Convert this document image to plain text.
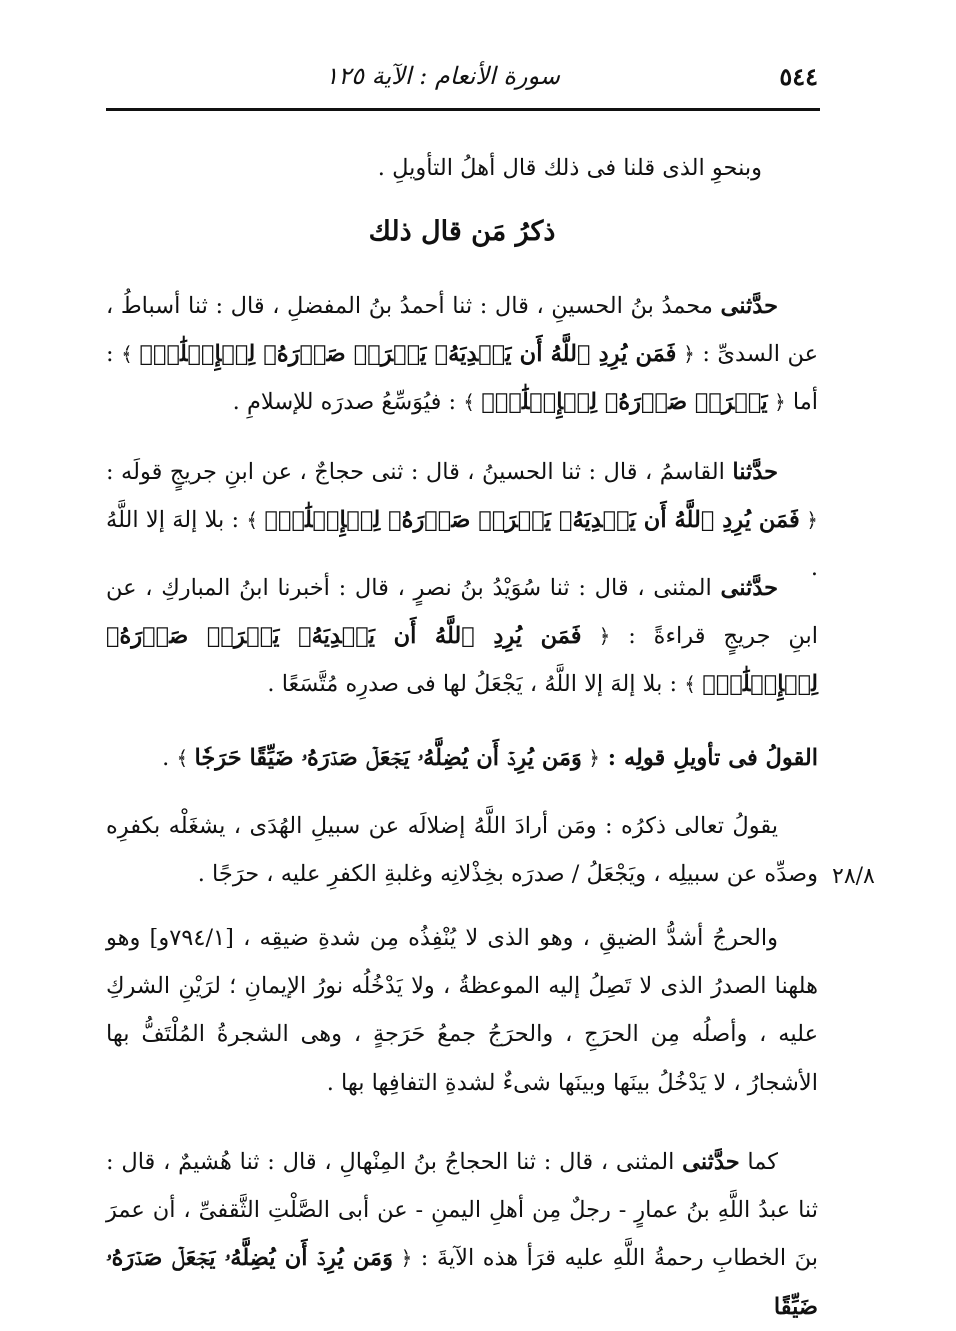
٥٤٤
سورة الأنعام : الآية ١٢٥
وبنحوِ الذى قلنا فى ذلك قال أهلُ التأويلِ .
ذكرُ مَن قال ذلك
حدَّثنى محمدُ بنُ الحسينِ ، قال : ثنا أحمدُ بنُ المفضلِ ، قال : ثنا أسباطُ ، عن السدىِّ : ﴿ فَمَن يُرِدِ ٱللَّهُ أَن يَهۡدِيَهُۥ يَشۡرَحۡ صَدۡرَهُۥ لِلۡإِسۡلَٰمِۖ ﴾ : أما ﴿ يَشۡرَحۡ صَدۡرَهُۥ لِلۡإِسۡلَٰمِۖ ﴾ : فيُوَسِّعُ صدرَه للإسلامِ .
حدَّثنا القاسمُ ، قال : ثنا الحسينُ ، قال : ثنى حجاجٌ ، عن ابنِ جريجٍ قولَه : ﴿ فَمَن يُرِدِ ٱللَّهُ أَن يَهۡدِيَهُۥ يَشۡرَحۡ صَدۡرَهُۥ لِلۡإِسۡلَٰمِۖ ﴾ : بلا إلهَ إلا اللَّهُ .
حدَّثنى المثنى ، قال : ثنا سُوَيْدُ بنُ نصرٍ ، قال : أخبرنا ابنُ المباركِ ، عن ابنِ جريجٍ قراءةً : ﴿ فَمَن يُرِدِ ٱللَّهُ أَن يَهۡدِيَهُۥ يَشۡرَحۡ صَدۡرَهُۥ لِلۡإِسۡلَٰمِۖ ﴾ : بلا إلهَ إلا اللَّهُ ، يَجْعَلُ لها فى صدرِه مُتَّسَعًا .
القولُ فى تأويلِ قولِه : ﴿ وَمَن يُرِدۡ أَن يُضِلَّهُۥ يَجۡعَلۡ صَدۡرَهُۥ ضَيِّقًا حَرَجٗا ﴾ .
يقولُ تعالى ذكرُه : ومَن أرادَ اللَّهُ إضلالَه عن سبيلِ الهُدَى ، يشغَلْه بكفرِه وصدِّه عن سبيلِه ، ويَجْعَلُ / صدرَه بخِذْلانِه وغلبةِ الكفرِ عليه ، حرَجًا . ٢٨/٨
والحرجُ أشدُّ الضيقِ ، وهو الذى لا يُنْفِذُه مِن شدةِ ضيقِه ، [٧٩٤/١و] وهو هلهنا الصدرُ الذى لا تَصِلُ إليه الموعظةُ ، ولا يَدْخُلُه نورُ الإيمانِ ؛ لرَيْنِ الشركِ عليه ، وأصلُه مِن الحرَجِ ، والحرَجُ جمعُ حَرَجةٍ ، وهى الشجرةُ المُلْتَفُّ بها الأشجارُ ، لا يَدْخُلُ بينَها وبينَها شىءٌ لشدةِ التفافِها بها .
كما حدَّثنى المثنى ، قال : ثنا الحجاجُ بنُ المِنْهالِ ، قال : ثنا هُشيمٌ ، قال : ثنا عبدُ اللَّهِ بنُ عمارٍ - رجلٌ مِن أهلِ اليمنِ - عن أبى الصَّلْتِ الثَّقفىِّ ، أن عمرَ بنَ الخطابِ رحمةُ اللَّهِ عليه قرَأ هذه الآيةَ : ﴿ وَمَن يُرِدۡ أَن يُضِلَّهُۥ يَجۡعَلۡ صَدۡرَهُۥ ضَيِّقًا
